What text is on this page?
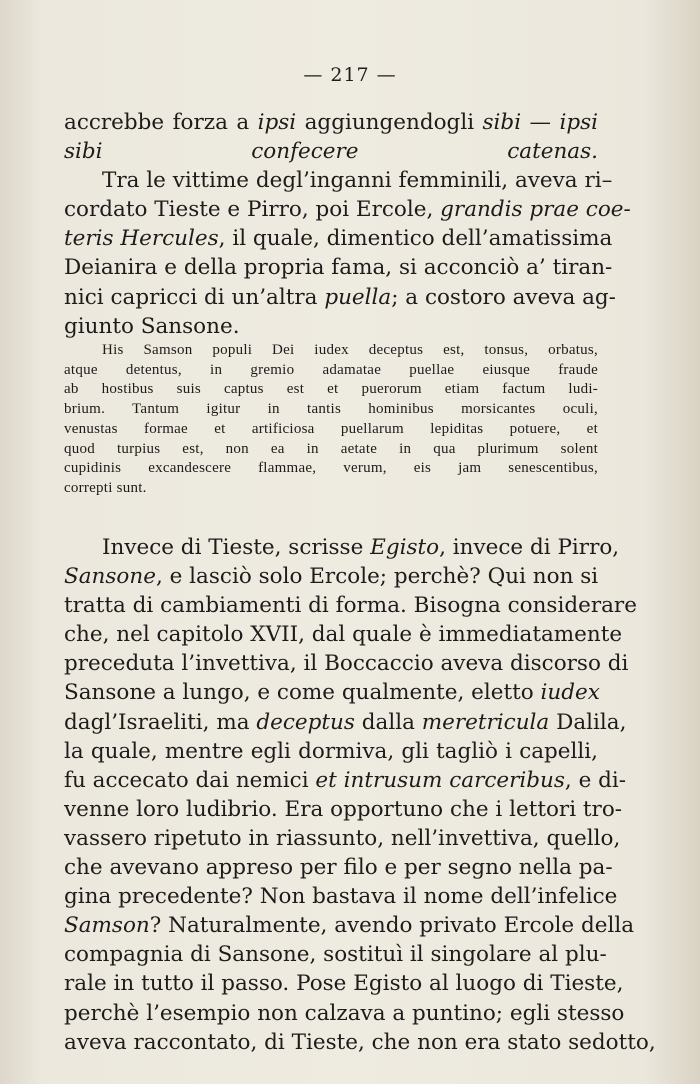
— 217 —
accrebbe forza a ipsi aggiungendogli sibi — ipsi
sibi confecere catenas.
Tra le vittime degl’inganni femminili, aveva ri–
cordato Tieste e Pirro, poi Ercole, grandis prae coe-
teris Hercules, il quale, dimentico dell’amatissima
Deianira e della propria fama, si acconciò a’ tiran-
nici capricci di un’altra puella; a costoro aveva ag-
giunto Sansone.
His Samson populi Dei iudex deceptus est, tonsus, orbatus,
atque detentus, in gremio adamatae puellae eiusque fraude
ab hostibus suis captus est et puerorum etiam factum ludi-
brium. Tantum igitur in tantis hominibus morsicantes oculi,
venustas formae et artificiosa puellarum lepiditas potuere, et
quod turpius est, non ea in aetate in qua plurimum solent
cupidinis excandescere flammae, verum, eis jam senescentibus,
correpti sunt.
Invece di Tieste, scrisse Egisto, invece di Pirro,
Sansone, e lasciò solo Ercole; perchè? Qui non si
tratta di cambiamenti di forma. Bisogna considerare
che, nel capitolo XVII, dal quale è immediatamente
preceduta l’invettiva, il Boccaccio aveva discorso di
Sansone a lungo, e come qualmente, eletto iudex
dagl’Israeliti, ma deceptus dalla meretricula Dalila,
la quale, mentre egli dormiva, gli tagliò i capelli,
fu accecato dai nemici et intrusum carceribus, e di-
venne loro ludibrio. Era opportuno che i lettori tro-
vassero ripetuto in riassunto, nell’invettiva, quello,
che avevano appreso per filo e per segno nella pa-
gina precedente? Non bastava il nome dell’infelice
Samson? Naturalmente, avendo privato Ercole della
compagnia di Sansone, sostituì il singolare al plu-
rale in tutto il passo. Pose Egisto al luogo di Tieste,
perchè l’esempio non calzava a puntino; egli stesso
aveva raccontato, di Tieste, che non era stato sedotto,
